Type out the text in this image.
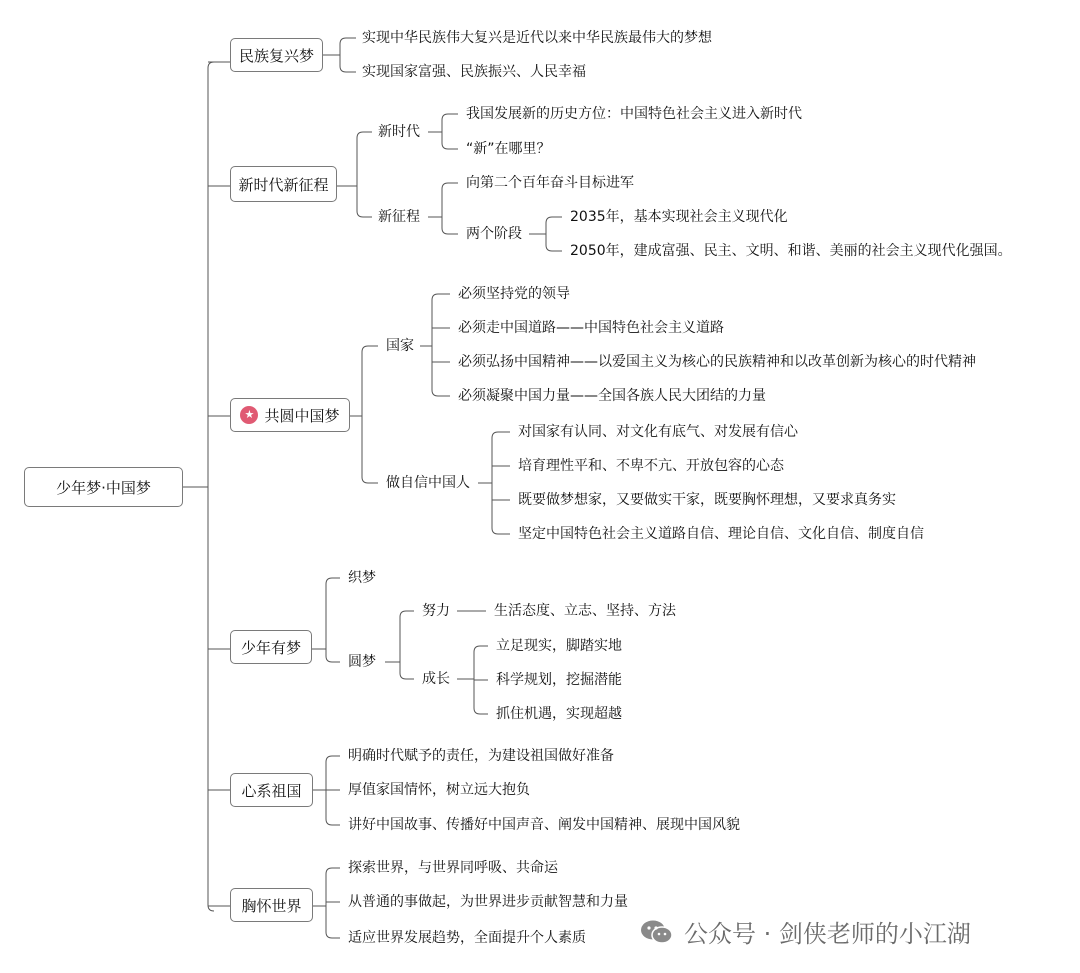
少年梦·中国梦
民族复兴梦
新时代新征程
★ 共圆中国梦
少年有梦
心系祖国
胸怀世界
实现中华民族伟大复兴是近代以来中华民族最伟大的梦想
实现国家富强、民族振兴、人民幸福
新时代
我国发展新的历史方位：中国特色社会主义进入新时代
“新”在哪里？
新征程
向第二个百年奋斗目标进军
两个阶段
2035年，基本实现社会主义现代化
2050年，建成富强、民主、文明、和谐、美丽的社会主义现代化强国。
国家
必须坚持党的领导
必须走中国道路——中国特色社会主义道路
必须弘扬中国精神——以爱国主义为核心的民族精神和以改革创新为核心的时代精神
必须凝聚中国力量——全国各族人民大团结的力量
做自信中国人
对国家有认同、对文化有底气、对发展有信心
培育理性平和、不卑不亢、开放包容的心态
既要做梦想家，又要做实干家，既要胸怀理想，又要求真务实
坚定中国特色社会主义道路自信、理论自信、文化自信、制度自信
织梦
圆梦
努力	生活态度、立志、坚持、方法
成长
立足现实，脚踏实地
科学规划，挖掘潜能
抓住机遇，实现超越
明确时代赋予的责任，为建设祖国做好准备
厚值家国情怀，树立远大抱负
讲好中国故事、传播好中国声音、阐发中国精神、展现中国风貌
探索世界，与世界同呼吸、共命运
从普通的事做起，为世界进步贡献智慧和力量
适应世界发展趋势，全面提升个人素质	公众号 · 剑侠老师的小江湖
